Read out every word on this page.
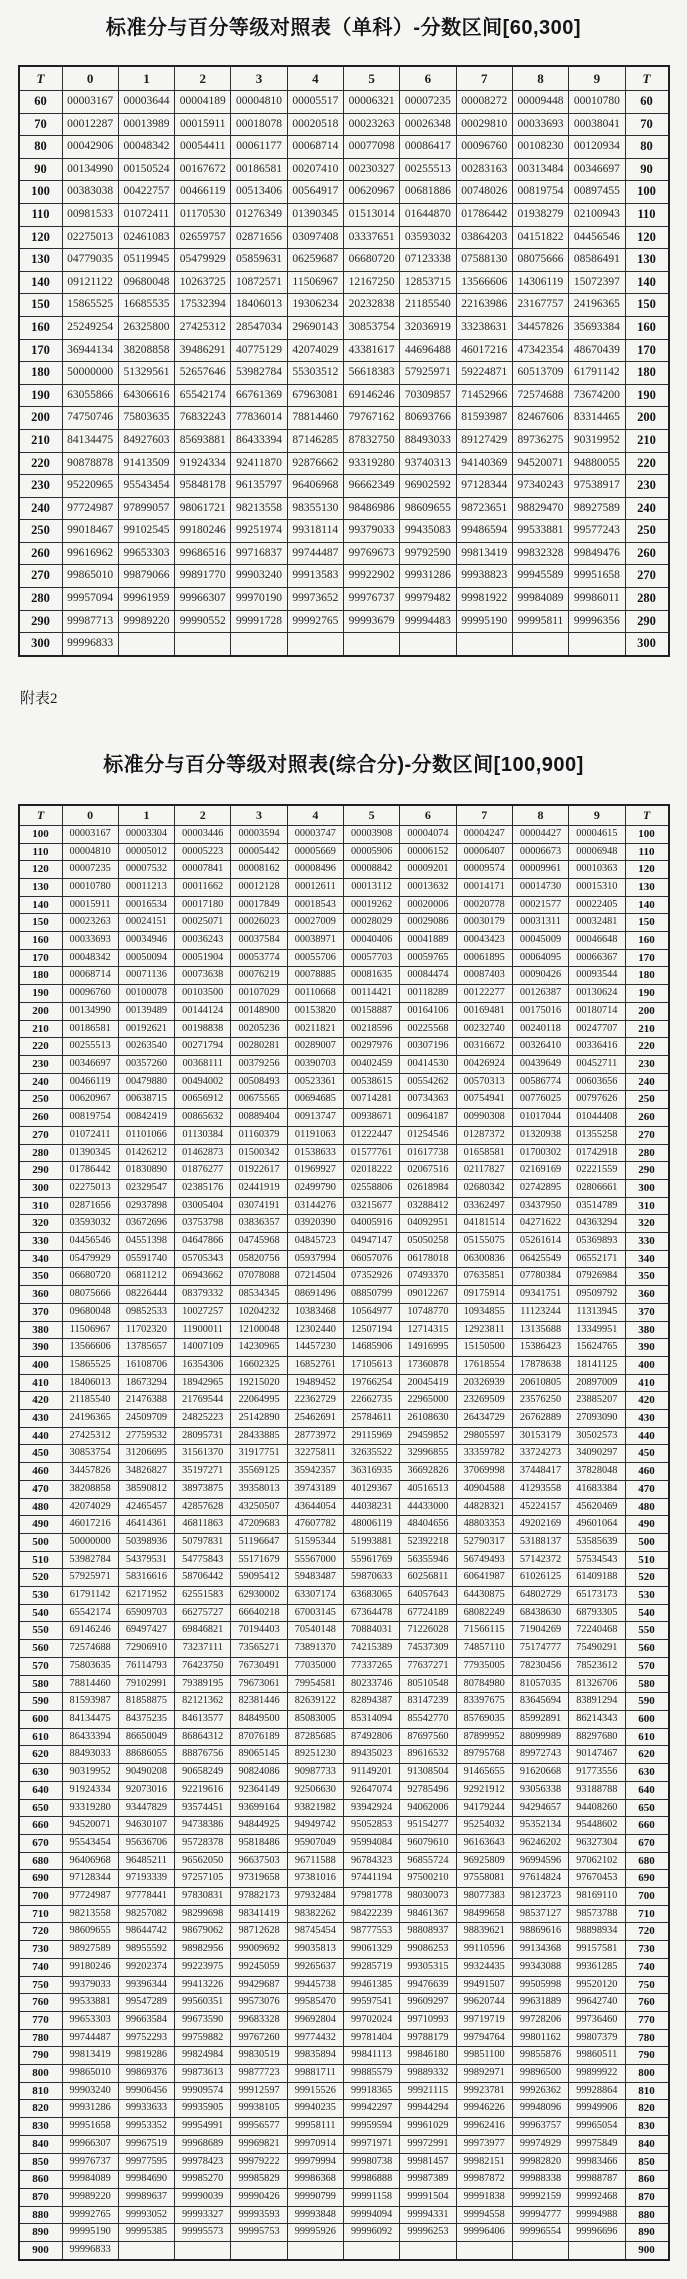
标准分与百分等级对照表（单科）-分数区间[60,300]
T	0	1	2	3	4	5	6	7	8	9	T
60	00003167	00003644	00004189	00004810	00005517	00006321	00007235	00008272	00009448	00010780	60
70	00012287	00013989	00015911	00018078	00020518	00023263	00026348	00029810	00033693	00038041	70
80	00042906	00048342	00054411	00061177	00068714	00077098	00086417	00096760	00108230	00120934	80
90	00134990	00150524	00167672	00186581	00207410	00230327	00255513	00283163	00313484	00346697	90
100	00383038	00422757	00466119	00513406	00564917	00620967	00681886	00748026	00819754	00897455	100
110	00981533	01072411	01170530	01276349	01390345	01513014	01644870	01786442	01938279	02100943	110
120	02275013	02461083	02659757	02871656	03097408	03337651	03593032	03864203	04151822	04456546	120
130	04779035	05119945	05479929	05859631	06259687	06680720	07123338	07588130	08075666	08586491	130
140	09121122	09680048	10263725	10872571	11506967	12167250	12853715	13566606	14306119	15072397	140
150	15865525	16685535	17532394	18406013	19306234	20232838	21185540	22163986	23167757	24196365	150
160	25249254	26325800	27425312	28547034	29690143	30853754	32036919	33238631	34457826	35693384	160
170	36944134	38208858	39486291	40775129	42074029	43381617	44696488	46017216	47342354	48670439	170
180	50000000	51329561	52657646	53982784	55303512	56618383	57925971	59224871	60513709	61791142	180
190	63055866	64306616	65542174	66761369	67963081	69146246	70309857	71452966	72574688	73674200	190
200	74750746	75803635	76832243	77836014	78814460	79767162	80693766	81593987	82467606	83314465	200
210	84134475	84927603	85693881	86433394	87146285	87832750	88493033	89127429	89736275	90319952	210
220	90878878	91413509	91924334	92411870	92876662	93319280	93740313	94140369	94520071	94880055	220
230	95220965	95543454	95848178	96135797	96406968	96662349	96902592	97128344	97340243	97538917	230
240	97724987	97899057	98061721	98213558	98355130	98486986	98609655	98723651	98829470	98927589	240
250	99018467	99102545	99180246	99251974	99318114	99379033	99435083	99486594	99533881	99577243	250
260	99616962	99653303	99686516	99716837	99744487	99769673	99792590	99813419	99832328	99849476	260
270	99865010	99879066	99891770	99903240	99913583	99922902	99931286	99938823	99945589	99951658	270
280	99957094	99961959	99966307	99970190	99973652	99976737	99979482	99981922	99984089	99986011	280
290	99987713	99989220	99990552	99991728	99992765	99993679	99994483	99995190	99995811	99996356	290
300	99996833										300
附表2
标准分与百分等级对照表(综合分)-分数区间[100,900]
T	0	1	2	3	4	5	6	7	8	9	T
100	00003167	00003304	00003446	00003594	00003747	00003908	00004074	00004247	00004427	00004615	100
110	00004810	00005012	00005223	00005442	00005669	00005906	00006152	00006407	00006673	00006948	110
120	00007235	00007532	00007841	00008162	00008496	00008842	00009201	00009574	00009961	00010363	120
130	00010780	00011213	00011662	00012128	00012611	00013112	00013632	00014171	00014730	00015310	130
140	00015911	00016534	00017180	00017849	00018543	00019262	00020006	00020778	00021577	00022405	140
150	00023263	00024151	00025071	00026023	00027009	00028029	00029086	00030179	00031311	00032481	150
160	00033693	00034946	00036243	00037584	00038971	00040406	00041889	00043423	00045009	00046648	160
170	00048342	00050094	00051904	00053774	00055706	00057703	00059765	00061895	00064095	00066367	170
180	00068714	00071136	00073638	00076219	00078885	00081635	00084474	00087403	00090426	00093544	180
190	00096760	00100078	00103500	00107029	00110668	00114421	00118289	00122277	00126387	00130624	190
200	00134990	00139489	00144124	00148900	00153820	00158887	00164106	00169481	00175016	00180714	200
210	00186581	00192621	00198838	00205236	00211821	00218596	00225568	00232740	00240118	00247707	210
220	00255513	00263540	00271794	00280281	00289007	00297976	00307196	00316672	00326410	00336416	220
230	00346697	00357260	00368111	00379256	00390703	00402459	00414530	00426924	00439649	00452711	230
240	00466119	00479880	00494002	00508493	00523361	00538615	00554262	00570313	00586774	00603656	240
250	00620967	00638715	00656912	00675565	00694685	00714281	00734363	00754941	00776025	00797626	250
260	00819754	00842419	00865632	00889404	00913747	00938671	00964187	00990308	01017044	01044408	260
270	01072411	01101066	01130384	01160379	01191063	01222447	01254546	01287372	01320938	01355258	270
280	01390345	01426212	01462873	01500342	01538633	01577761	01617738	01658581	01700302	01742918	280
290	01786442	01830890	01876277	01922617	01969927	02018222	02067516	02117827	02169169	02221559	290
300	02275013	02329547	02385176	02441919	02499790	02558806	02618984	02680342	02742895	02806661	300
310	02871656	02937898	03005404	03074191	03144276	03215677	03288412	03362497	03437950	03514789	310
320	03593032	03672696	03753798	03836357	03920390	04005916	04092951	04181514	04271622	04363294	320
330	04456546	04551398	04647866	04745968	04845723	04947147	05050258	05155075	05261614	05369893	330
340	05479929	05591740	05705343	05820756	05937994	06057076	06178018	06300836	06425549	06552171	340
350	06680720	06811212	06943662	07078088	07214504	07352926	07493370	07635851	07780384	07926984	350
360	08075666	08226444	08379332	08534345	08691496	08850799	09012267	09175914	09341751	09509792	360
370	09680048	09852533	10027257	10204232	10383468	10564977	10748770	10934855	11123244	11313945	370
380	11506967	11702320	11900011	12100048	12302440	12507194	12714315	12923811	13135688	13349951	380
390	13566606	13785657	14007109	14230965	14457230	14685906	14916995	15150500	15386423	15624765	390
400	15865525	16108706	16354306	16602325	16852761	17105613	17360878	17618554	17878638	18141125	400
410	18406013	18673294	18942965	19215020	19489452	19766254	20045419	20326939	20610805	20897009	410
420	21185540	21476388	21769544	22064995	22362729	22662735	22965000	23269509	23576250	23885207	420
430	24196365	24509709	24825223	25142890	25462691	25784611	26108630	26434729	26762889	27093090	430
440	27425312	27759532	28095731	28433885	28773972	29115969	29459852	29805597	30153179	30502573	440
450	30853754	31206695	31561370	31917751	32275811	32635522	32996855	33359782	33724273	34090297	450
460	34457826	34826827	35197271	35569125	35942357	36316935	36692826	37069998	37448417	37828048	460
470	38208858	38590812	38973875	39358013	39743189	40129367	40516513	40904588	41293558	41683384	470
480	42074029	42465457	42857628	43250507	43644054	44038231	44433000	44828321	45224157	45620469	480
490	46017216	46414361	46811863	47209683	47607782	48006119	48404656	48803353	49202169	49601064	490
500	50000000	50398936	50797831	51196647	51595344	51993881	52392218	52790317	53188137	53585639	500
510	53982784	54379531	54775843	55171679	55567000	55961769	56355946	56749493	57142372	57534543	510
520	57925971	58316616	58706442	59095412	59483487	59870633	60256811	60641987	61026125	61409188	520
530	61791142	62171952	62551583	62930002	63307174	63683065	64057643	64430875	64802729	65173173	530
540	65542174	65909703	66275727	66640218	67003145	67364478	67724189	68082249	68438630	68793305	540
550	69146246	69497427	69846821	70194403	70540148	70884031	71226028	71566115	71904269	72240468	550
560	72574688	72906910	73237111	73565271	73891370	74215389	74537309	74857110	75174777	75490291	560
570	75803635	76114793	76423750	76730491	77035000	77337265	77637271	77935005	78230456	78523612	570
580	78814460	79102991	79389195	79673061	79954581	80233746	80510548	80784980	81057035	81326706	580
590	81593987	81858875	82121362	82381446	82639122	82894387	83147239	83397675	83645694	83891294	590
600	84134475	84375235	84613577	84849500	85083005	85314094	85542770	85769035	85992891	86214343	600
610	86433394	86650049	86864312	87076189	87285685	87492806	87697560	87899952	88099989	88297680	610
620	88493033	88686055	88876756	89065145	89251230	89435023	89616532	89795768	89972743	90147467	620
630	90319952	90490208	90658249	90824086	90987733	91149201	91308504	91465655	91620668	91773556	630
640	91924334	92073016	92219616	92364149	92506630	92647074	92785496	92921912	93056338	93188788	640
650	93319280	93447829	93574451	93699164	93821982	93942924	94062006	94179244	94294657	94408260	650
660	94520071	94630107	94738386	94844925	94949742	95052853	95154277	95254032	95352134	95448602	660
670	95543454	95636706	95728378	95818486	95907049	95994084	96079610	96163643	96246202	96327304	670
680	96406968	96485211	96562050	96637503	96711588	96784323	96855724	96925809	96994596	97062102	680
690	97128344	97193339	97257105	97319658	97381016	97441194	97500210	97558081	97614824	97670453	690
700	97724987	97778441	97830831	97882173	97932484	97981778	98030073	98077383	98123723	98169110	700
710	98213558	98257082	98299698	98341419	98382262	98422239	98461367	98499658	98537127	98573788	710
720	98609655	98644742	98679062	98712628	98745454	98777553	98808937	98839621	98869616	98898934	720
730	98927589	98955592	98982956	99009692	99035813	99061329	99086253	99110596	99134368	99157581	730
740	99180246	99202374	99223975	99245059	99265637	99285719	99305315	99324435	99343088	99361285	740
750	99379033	99396344	99413226	99429687	99445738	99461385	99476639	99491507	99505998	99520120	750
760	99533881	99547289	99560351	99573076	99585470	99597541	99609297	99620744	99631889	99642740	760
770	99653303	99663584	99673590	99683328	99692804	99702024	99710993	99719719	99728206	99736460	770
780	99744487	99752293	99759882	99767260	99774432	99781404	99788179	99794764	99801162	99807379	780
790	99813419	99819286	99824984	99830519	99835894	99841113	99846180	99851100	99855876	99860511	790
800	99865010	99869376	99873613	99877723	99881711	99885579	99889332	99892971	99896500	99899922	800
810	99903240	99906456	99909574	99912597	99915526	99918365	99921115	99923781	99926362	99928864	810
820	99931286	99933633	99935905	99938105	99940235	99942297	99944294	99946226	99948096	99949906	820
830	99951658	99953352	99954991	99956577	99958111	99959594	99961029	99962416	99963757	99965054	830
840	99966307	99967519	99968689	99969821	99970914	99971971	99972991	99973977	99974929	99975849	840
850	99976737	99977595	99978423	99979222	99979994	99980738	99981457	99982151	99982820	99983466	850
860	99984089	99984690	99985270	99985829	99986368	99986888	99987389	99987872	99988338	99988787	860
870	99989220	99989637	99990039	99990426	99990799	99991158	99991504	99991838	99992159	99992468	870
880	99992765	99993052	99993327	99993593	99993848	99994094	99994331	99994558	99994777	99994988	880
890	99995190	99995385	99995573	99995753	99995926	99996092	99996253	99996406	99996554	99996696	890
900	99996833										900
